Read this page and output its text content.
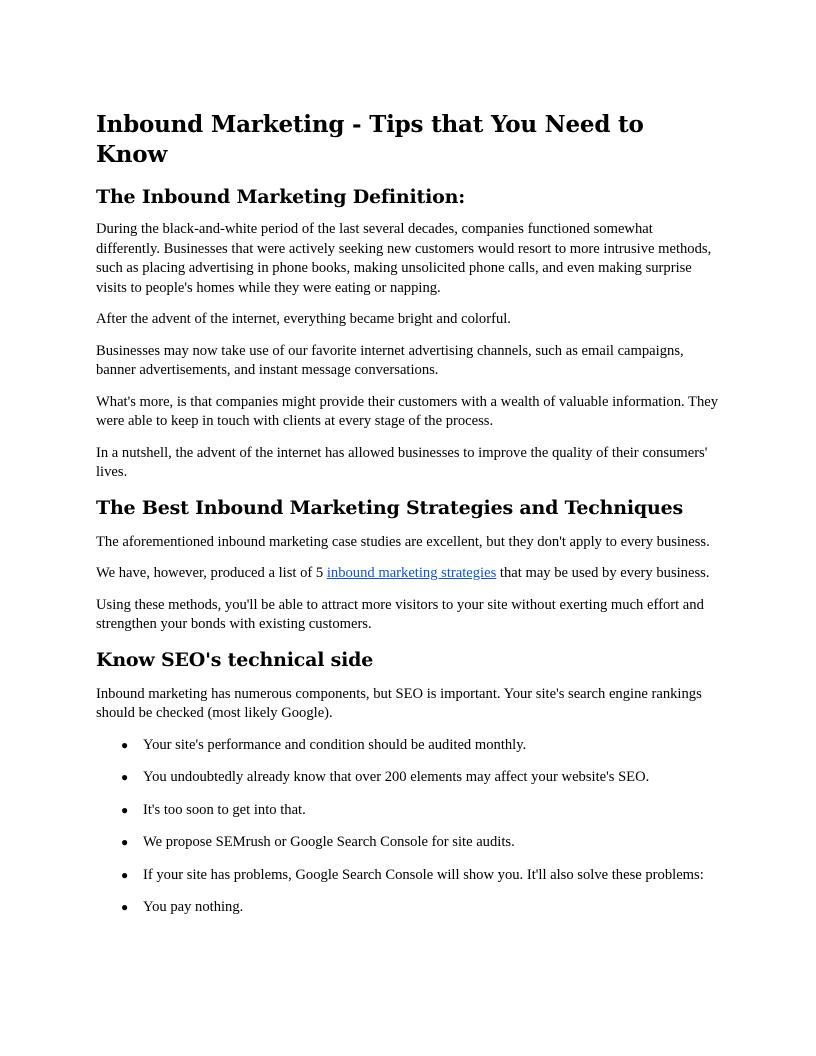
Inbound Marketing - Tips that You Need to Know
The Inbound Marketing Definition:

During the black-and-white period of the last several decades, companies functioned somewhat differently. Businesses that were actively seeking new customers would resort to more intrusive methods, such as placing advertising in phone books, making unsolicited phone calls, and even making surprise visits to people's homes while they were eating or napping.

After the advent of the internet, everything became bright and colorful.

Businesses may now take use of our favorite internet advertising channels, such as email campaigns, banner advertisements, and instant message conversations.

What's more, is that companies might provide their customers with a wealth of valuable information. They were able to keep in touch with clients at every stage of the process.

In a nutshell, the advent of the internet has allowed businesses to improve the quality of their consumers' lives.

The Best Inbound Marketing Strategies and Techniques

The aforementioned inbound marketing case studies are excellent, but they don't apply to every business.

We have, however, produced a list of 5 inbound marketing strategies that may be used by every business.

Using these methods, you'll be able to attract more visitors to your site without exerting much effort and strengthen your bonds with existing customers.

Know SEO's technical side

Inbound marketing has numerous components, but SEO is important. Your site's search engine rankings should be checked (most likely Google).

● Your site's performance and condition should be audited monthly.
● You undoubtedly already know that over 200 elements may affect your website's SEO.
● It's too soon to get into that.
● We propose SEMrush or Google Search Console for site audits.
● If your site has problems, Google Search Console will show you. It'll also solve these problems:
● You pay nothing.
